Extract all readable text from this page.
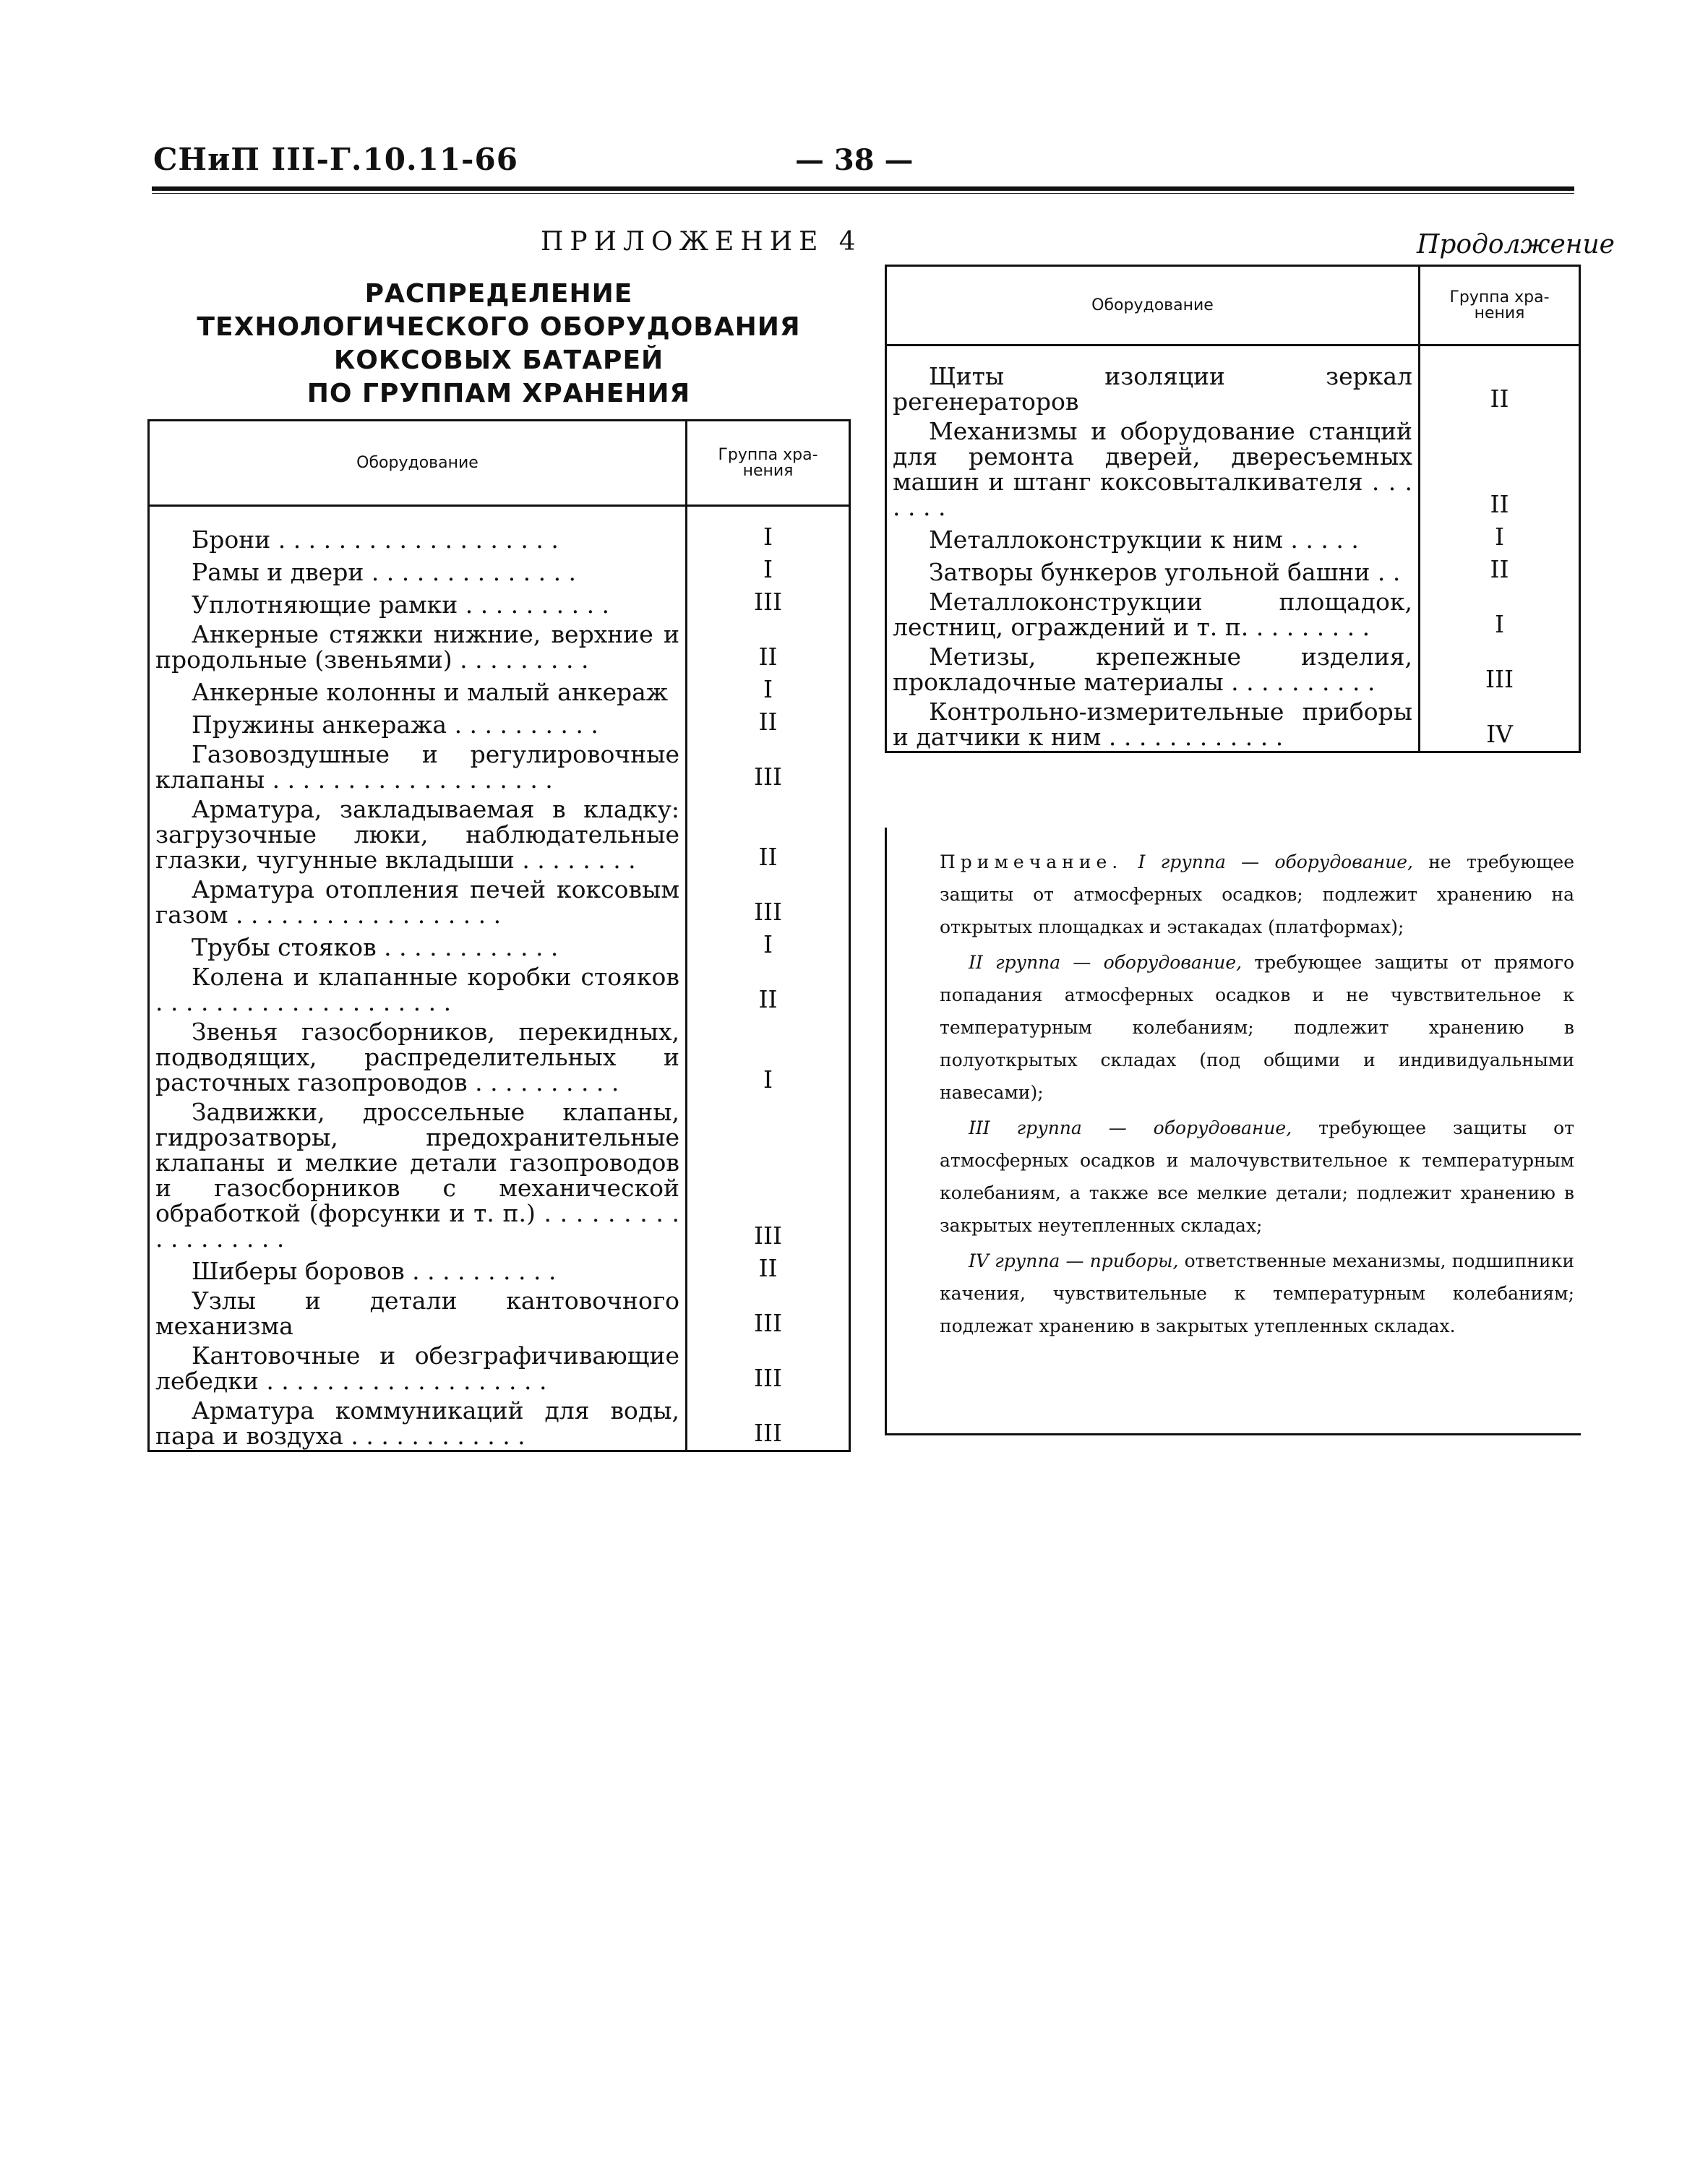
СНиП III-Г.10.11-66	— 38 —
ПРИЛОЖЕНИЕ 4
РАСПРЕДЕЛЕНИЕ
ТЕХНОЛОГИЧЕСКОГО ОБОРУДОВАНИЯ
КОКСОВЫХ БАТАРЕЙ
ПО ГРУППАМ ХРАНЕНИЯ
Оборудование	Группа хра-нения

Брони . . . . . . . . . . . . . . . . . . .	I

Рамы и двери . . . . . . . . . . . . . .	I

Уплотняющие рамки . . . . . . . . . .	III

Анкерные стяжки нижние, верхние и продольные (звеньями) . . . . . . . . .	II

Анкерные колонны и малый анкераж	I

Пружины анкеража . . . . . . . . . .	II

Газовоздушные и регулировочные клапаны . . . . . . . . . . . . . . . . . . .	III

Арматура, закладываемая в кладку: загрузочные люки, наблюдательные глазки, чугунные вкладыши . . . . . . . .	II

Арматура отопления печей коксовым газом . . . . . . . . . . . . . . . . . .	III

Трубы стояков . . . . . . . . . . . .	I

Колена и клапанные коробки стояков . . . . . . . . . . . . . . . . . . . .	II

Звенья газосборников, перекидных, подводящих, распределительных и расточных газопроводов . . . . . . . . . .	I

Задвижки, дроссельные клапаны, гидрозатворы, предохранительные клапаны и мелкие детали газопроводов и газосборников с механической обработкой (форсунки и т. п.) . . . . . . . . . . . . . . . . . .	III

Шиберы боровов . . . . . . . . . .	II

Узлы и детали кантовочного механизма	III

Кантовочные и обезграфичивающие лебедки . . . . . . . . . . . . . . . . . . .	III

Арматура коммуникаций для воды, пара и воздуха . . . . . . . . . . . .	III

Продолжение
Оборудование	Группа хра-нения

Щиты изоляции зеркал регенераторов	II

Механизмы и оборудование станций для ремонта дверей, двересъемных машин и штанг коксовыталкивателя . . . . . . .	II

Металлоконструкции к ним . . . . .	I

Затворы бункеров угольной башни . .	II

Металлоконструкции площадок, лестниц, ограждений и т. п. . . . . . . . .	I

Метизы, крепежные изделия, прокладочные материалы . . . . . . . . . .	III

Контрольно-измерительные приборы и датчики к ним . . . . . . . . . . . .	IV

Примечание. I группа — оборудование, не требующее защиты от атмосферных осадков; подлежит хранению на открытых площадках и эстакадах (платформах);

II группа — оборудование, требующее защиты от прямого попадания атмосферных осадков и не чувствительное к температурным колебаниям; подлежит хранению в полуоткрытых складах (под общими и индивидуальными навесами);

III группа — оборудование, требующее защиты от атмосферных осадков и малочувствительное к температурным колебаниям, а также все мелкие детали; подлежит хранению в закрытых неутепленных складах;

IV группа — приборы, ответственные механизмы, подшипники качения, чувствительные к температурным колебаниям; подлежат хранению в закрытых утепленных складах.
